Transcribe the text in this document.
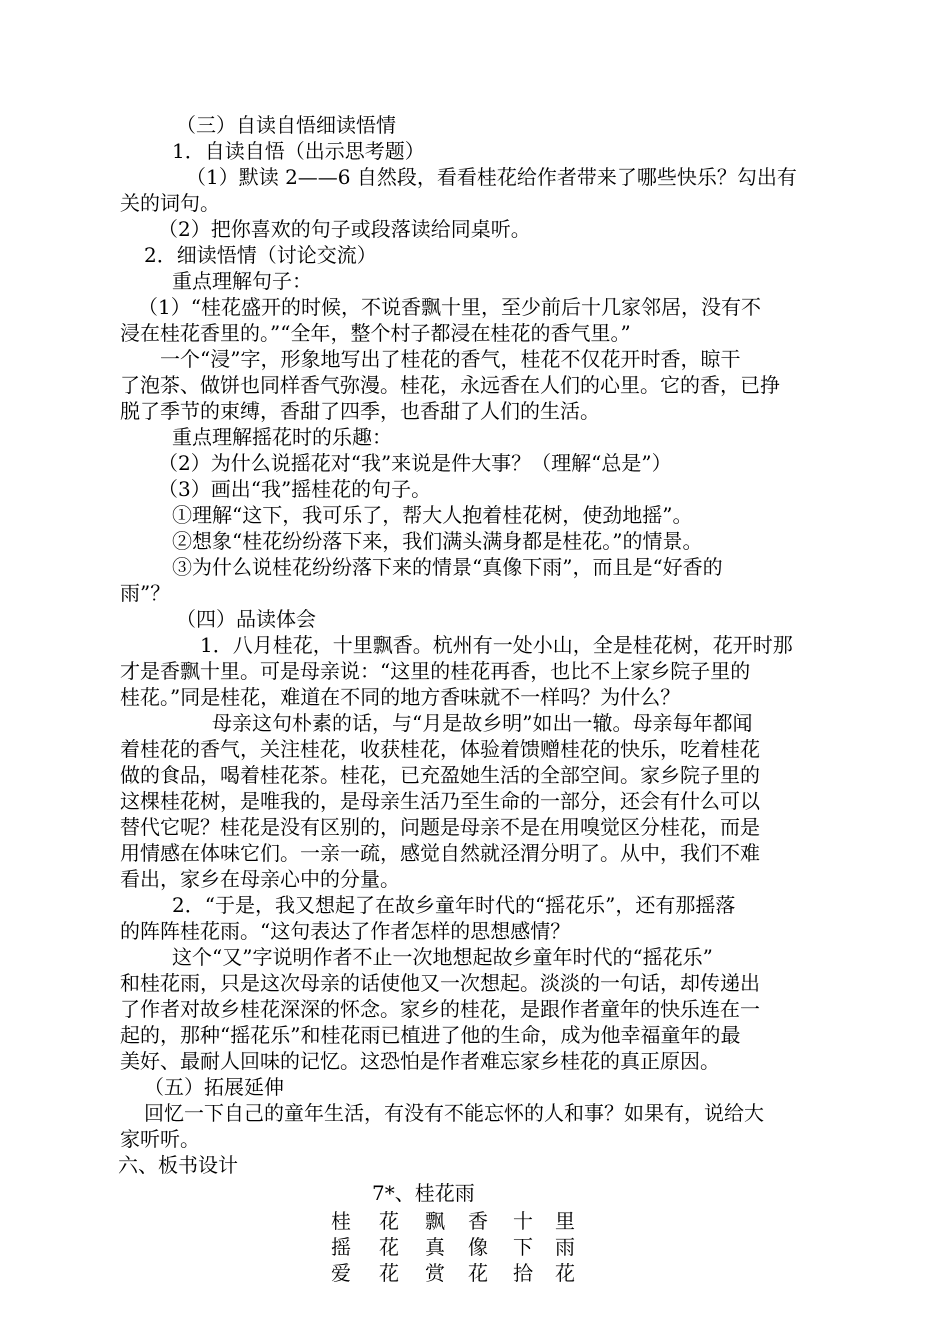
（三）自读自悟细读悟情
1．自读自悟（出示思考题）
（1）默读 2——6 自然段，看看桂花给作者带来了哪些快乐？勾出有
关的词句。
（2）把你喜欢的句子或段落读给同桌听。
2．细读悟情（讨论交流）
重点理解句子：
（1）“桂花盛开的时候，不说香飘十里，至少前后十几家邻居，没有不
浸在桂花香里的。”“全年，整个村子都浸在桂花的香气里。”
一个“浸”字，形象地写出了桂花的香气，桂花不仅花开时香，晾干
了泡茶、做饼也同样香气弥漫。桂花，永远香在人们的心里。它的香，已挣
脱了季节的束缚，香甜了四季，也香甜了人们的生活。
重点理解摇花时的乐趣：
（2）为什么说摇花对“我”来说是件大事？（理解“总是”）
（3）画出“我”摇桂花的句子。
①理解“这下，我可乐了，帮大人抱着桂花树，使劲地摇”。
②想象“桂花纷纷落下来，我们满头满身都是桂花。”的情景。
③为什么说桂花纷纷落下来的情景“真像下雨”，而且是“好香的
雨”？
（四）品读体会
1．八月桂花，十里飘香。杭州有一处小山，全是桂花树，花开时那
才是香飘十里。可是母亲说：“这里的桂花再香，也比不上家乡院子里的
桂花。”同是桂花，难道在不同的地方香味就不一样吗？为什么？
母亲这句朴素的话，与“月是故乡明”如出一辙。母亲每年都闻
着桂花的香气，关注桂花，收获桂花，体验着馈赠桂花的快乐，吃着桂花
做的食品，喝着桂花茶。桂花，已充盈她生活的全部空间。家乡院子里的
这棵桂花树，是唯我的，是母亲生活乃至生命的一部分，还会有什么可以
替代它呢？桂花是没有区别的，问题是母亲不是在用嗅觉区分桂花，而是
用情感在体味它们。一亲一疏，感觉自然就泾渭分明了。从中，我们不难
看出，家乡在母亲心中的分量。
2．“于是，我又想起了在故乡童年时代的“摇花乐”，还有那摇落
的阵阵桂花雨。“这句表达了作者怎样的思想感情？
这个“又”字说明作者不止一次地想起故乡童年时代的“摇花乐”
和桂花雨，只是这次母亲的话使他又一次想起。淡淡的一句话，却传递出
了作者对故乡桂花深深的怀念。家乡的桂花，是跟作者童年的快乐连在一
起的，那种“摇花乐”和桂花雨已植进了他的生命，成为他幸福童年的最
美好、最耐人回味的记忆。这恐怕是作者难忘家乡桂花的真正原因。
（五）拓展延伸
回忆一下自己的童年生活，有没有不能忘怀的人和事？如果有，说给大
家听听。
六、板书设计
7*、桂花雨
桂 花 飘 香 十 里
摇 花 真 像 下 雨
爱 花 赏 花 拾 花
